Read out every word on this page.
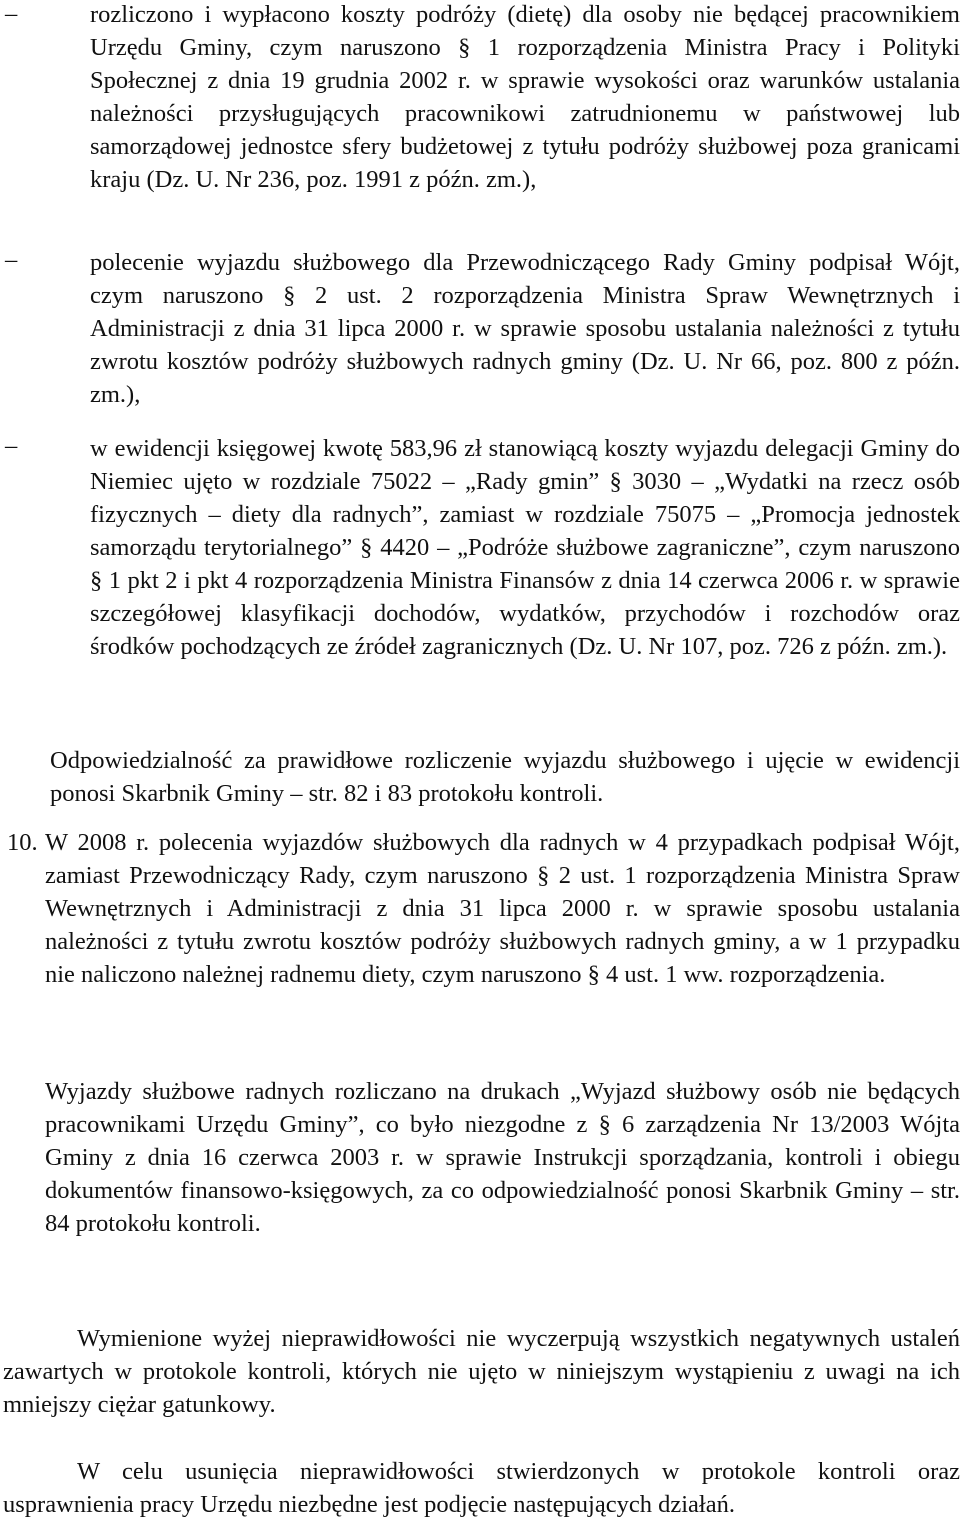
–	rozliczono i wypłacono koszty podróży (dietę) dla osoby nie będącej pracownikiem Urzędu Gminy, czym naruszono § 1 rozporządzenia Ministra Pracy i Polityki Społecznej z dnia 19 grudnia 2002 r. w sprawie wysokości oraz warunków ustalania należności przysługujących pracownikowi zatrudnionemu w państwowej lub samorządowej jednostce sfery budżetowej z tytułu podróży służbowej poza granicami kraju (Dz. U. Nr 236, poz. 1991 z późn. zm.),
–	polecenie wyjazdu służbowego dla Przewodniczącego Rady Gminy podpisał Wójt, czym naruszono § 2 ust. 2 rozporządzenia Ministra Spraw Wewnętrznych i Administracji z dnia 31 lipca 2000 r. w sprawie sposobu ustalania należności z tytułu zwrotu kosztów podróży służbowych radnych gminy (Dz. U. Nr 66, poz. 800 z późn. zm.),
–	w ewidencji księgowej kwotę 583,96 zł stanowiącą koszty wyjazdu delegacji Gminy do Niemiec ujęto w rozdziale 75022 – „Rady gmin” § 3030 – „Wydatki na rzecz osób fizycznych – diety dla radnych”, zamiast w rozdziale 75075 – „Promocja jednostek samorządu terytorialnego” § 4420 – „Podróże służbowe zagraniczne”, czym naruszono § 1 pkt 2 i pkt 4 rozporządzenia Ministra Finansów z dnia 14 czerwca 2006 r. w sprawie szczegółowej klasyfikacji dochodów, wydatków, przychodów i rozchodów oraz środków pochodzących ze źródeł zagranicznych (Dz. U. Nr 107, poz. 726 z późn. zm.).
Odpowiedzialność za prawidłowe rozliczenie wyjazdu służbowego i ujęcie w ewidencji ponosi Skarbnik Gminy – str. 82 i 83 protokołu kontroli.
10. W 2008 r. polecenia wyjazdów służbowych dla radnych w 4 przypadkach podpisał Wójt, zamiast Przewodniczący Rady, czym naruszono § 2 ust. 1 rozporządzenia Ministra Spraw Wewnętrznych i Administracji z dnia 31 lipca 2000 r. w sprawie sposobu ustalania należności z tytułu zwrotu kosztów podróży służbowych radnych gminy, a w 1 przypadku nie naliczono należnej radnemu diety, czym naruszono § 4 ust. 1 ww. rozporządzenia.
Wyjazdy służbowe radnych rozliczano na drukach „Wyjazd służbowy osób nie będących pracownikami Urzędu Gminy”, co było niezgodne z § 6 zarządzenia Nr 13/2003 Wójta Gminy z dnia 16 czerwca 2003 r. w sprawie Instrukcji sporządzania, kontroli i obiegu dokumentów finansowo-księgowych, za co odpowiedzialność ponosi Skarbnik Gminy – str. 84 protokołu kontroli.
Wymienione wyżej nieprawidłowości nie wyczerpują wszystkich negatywnych ustaleń zawartych w protokole kontroli, których nie ujęto w niniejszym wystąpieniu z uwagi na ich mniejszy ciężar gatunkowy.
W celu usunięcia nieprawidłowości stwierdzonych w protokole kontroli oraz usprawnienia pracy Urzędu niezbędne jest podjęcie następujących działań.
